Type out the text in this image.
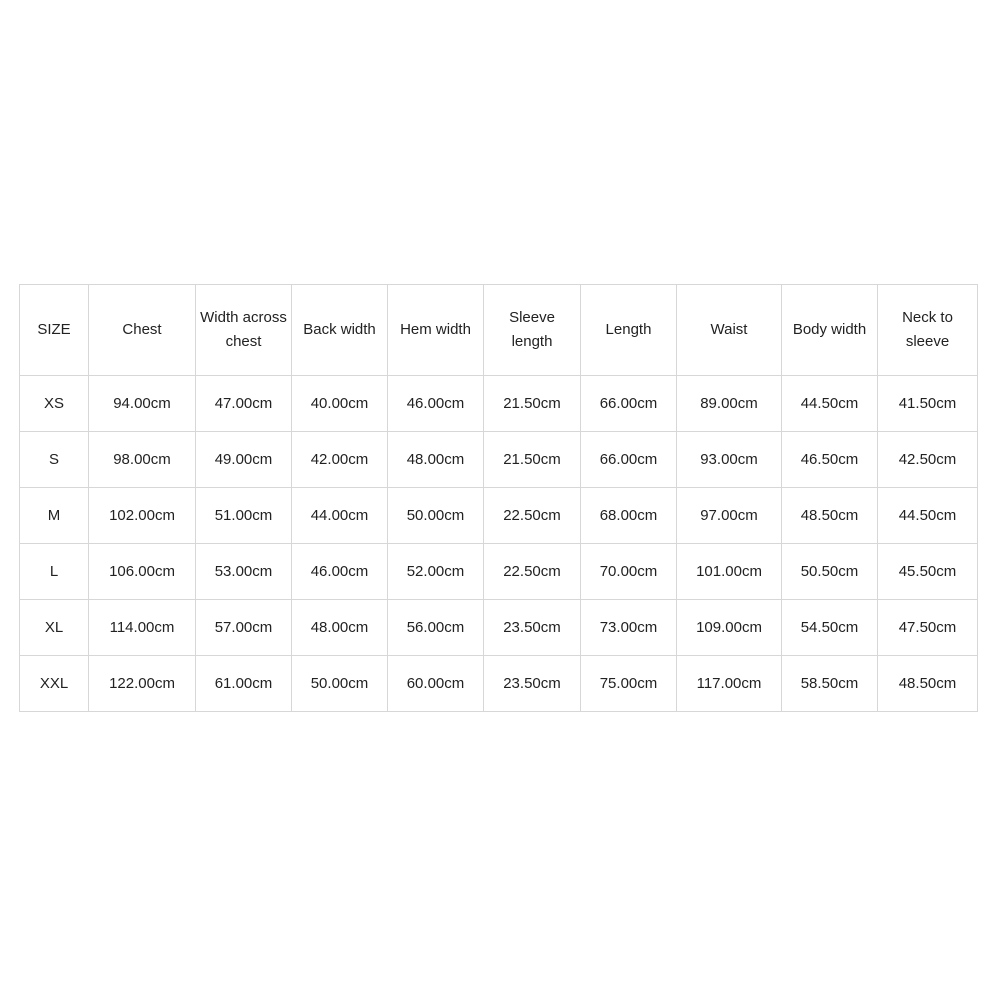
SIZE	Chest	Width across chest	Back width	Hem width	Sleeve length	Length	Waist	Body width	Neck to sleeve
XS	94.00cm	47.00cm	40.00cm	46.00cm	21.50cm	66.00cm	89.00cm	44.50cm	41.50cm
S	98.00cm	49.00cm	42.00cm	48.00cm	21.50cm	66.00cm	93.00cm	46.50cm	42.50cm
M	102.00cm	51.00cm	44.00cm	50.00cm	22.50cm	68.00cm	97.00cm	48.50cm	44.50cm
L	106.00cm	53.00cm	46.00cm	52.00cm	22.50cm	70.00cm	101.00cm	50.50cm	45.50cm
XL	114.00cm	57.00cm	48.00cm	56.00cm	23.50cm	73.00cm	109.00cm	54.50cm	47.50cm
XXL	122.00cm	61.00cm	50.00cm	60.00cm	23.50cm	75.00cm	117.00cm	58.50cm	48.50cm
